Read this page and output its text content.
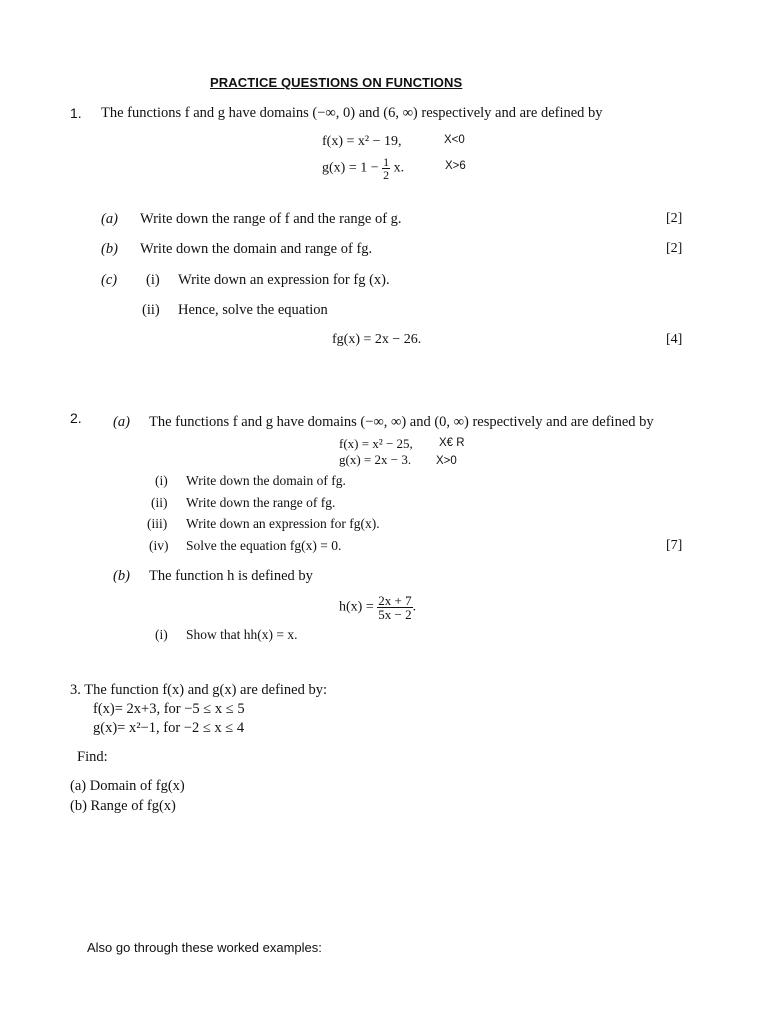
PRACTICE QUESTIONS ON FUNCTIONS
1. The functions f and g have domains (−∞, 0) and (6, ∞) respectively and are defined by
f(x) = x² − 19,	X<0
$g(x) = 1 - \frac{1}{2} x$.	X>6
(a) Write down the range of f and the range of g.	[2]
(b) Write down the domain and range of fg.	[2]
(c) (i) Write down an expression for fg (x).
(ii) Hence, solve the equation
fg(x) = 2x − 26.	[4]
2. (a) The functions f and g have domains (−∞, ∞) and (0, ∞) respectively and are defined by
f(x) = x² − 25, X€ R
g(x) = 2x − 3. X>0
(i) Write down the domain of fg.
(ii) Write down the range of fg.
(iii) Write down an expression for fg(x).
(iv) Solve the equation fg(x) = 0.	[7]
(b) The function h is defined by
$h(x) = \frac{2x + 7}{5x - 2}$ .
(i) Show that hh(x) = x.
3. The function f(x) and g(x) are defined by:
f(x)= 2x+3, for −5 ≤ x ≤ 5
g(x)= x²−1, for −2 ≤ x ≤ 4
Find:
(a) Domain of fg(x)
(b) Range of fg(x)
Also go through these worked examples:
